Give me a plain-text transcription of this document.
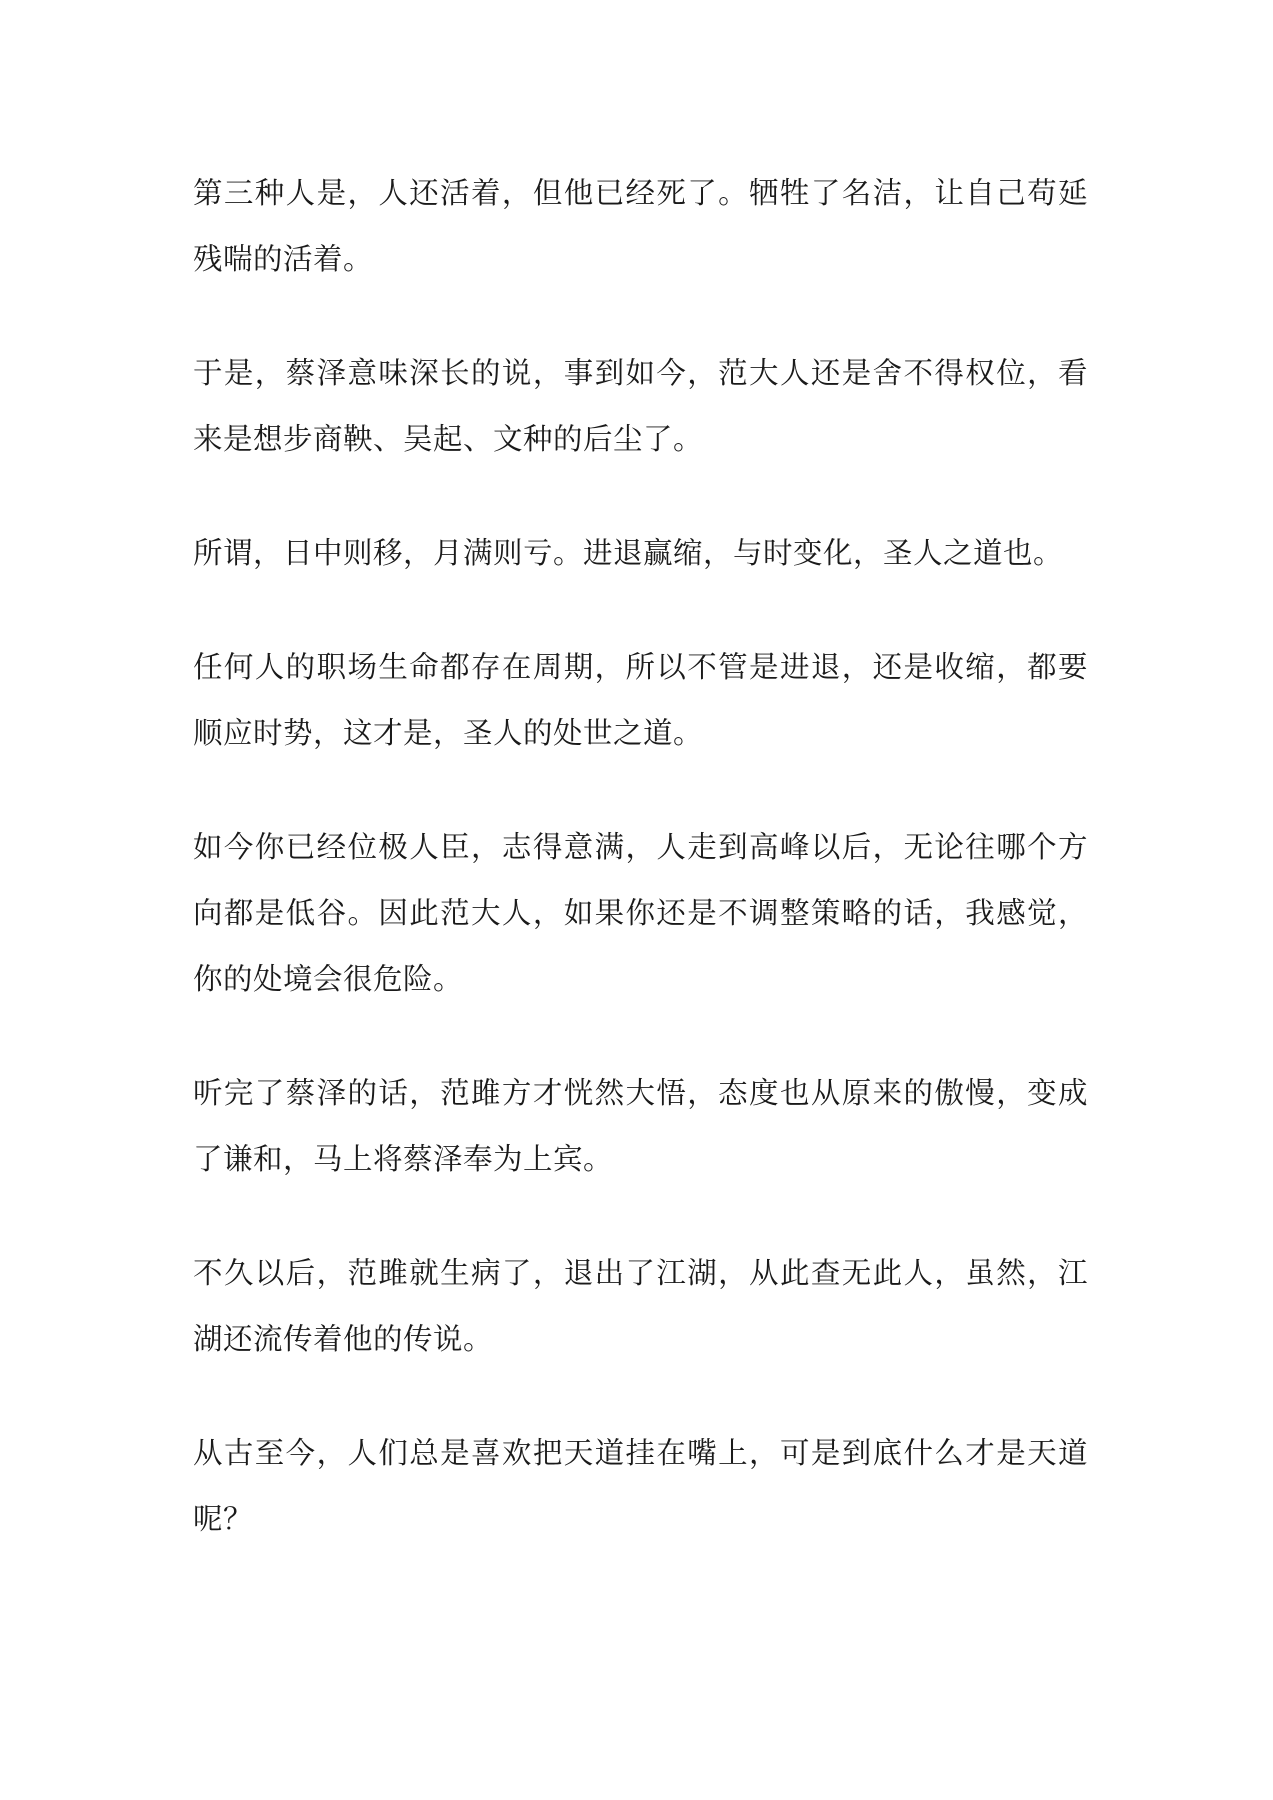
第三种人是，人还活着，但他已经死了。牺牲了名洁，让自己苟延残喘的活着。

于是，蔡泽意味深长的说，事到如今，范大人还是舍不得权位，看来是想步商鞅、吴起、文种的后尘了。

所谓，日中则移，月满则亏。进退赢缩，与时变化，圣人之道也。

任何人的职场生命都存在周期，所以不管是进退，还是收缩，都要顺应时势，这才是，圣人的处世之道。

如今你已经位极人臣，志得意满，人走到高峰以后，无论往哪个方向都是低谷。因此范大人，如果你还是不调整策略的话，我感觉，你的处境会很危险。

听完了蔡泽的话，范雎方才恍然大悟，态度也从原来的傲慢，变成了谦和，马上将蔡泽奉为上宾。

不久以后，范雎就生病了，退出了江湖，从此查无此人，虽然，江湖还流传着他的传说。

从古至今，人们总是喜欢把天道挂在嘴上，可是到底什么才是天道呢？
